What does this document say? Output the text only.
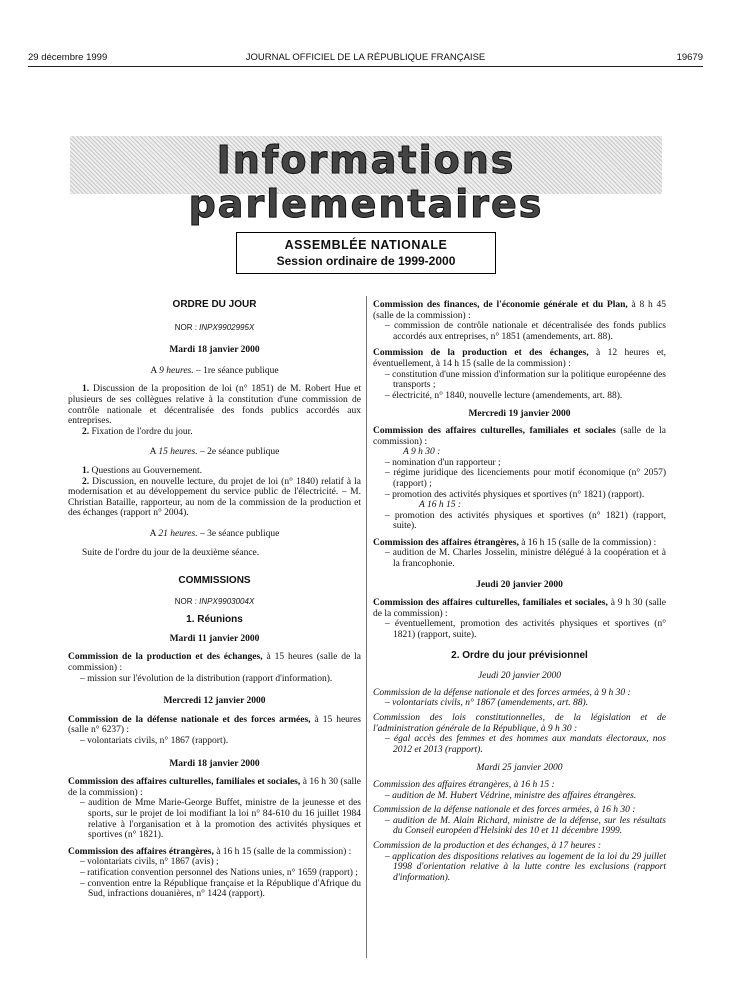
29 décembre 1999	JOURNAL OFFICIEL DE LA RÉPUBLIQUE FRANÇAISE	19679
Informations parlementaires
ASSEMBLÉE NATIONALE
Session ordinaire de 1999-2000
ORDRE DU JOUR
NOR : INPX9902995X
Mardi 18 janvier 2000
A 9 heures. – 1re séance publique
1. Discussion de la proposition de loi (n° 1851) de M. Robert Hue et plusieurs de ses collègues relative à la constitution d'une commission de contrôle nationale et décentralisée des fonds publics accordés aux entreprises.
2. Fixation de l'ordre du jour.
A 15 heures. – 2e séance publique
1. Questions au Gouvernement.
2. Discussion, en nouvelle lecture, du projet de loi (n° 1840) relatif à la modernisation et au développement du service public de l'électricité. – M. Christian Bataille, rapporteur, au nom de la commission de la production et des échanges (rapport n° 2004).
A 21 heures. – 3e séance publique
Suite de l'ordre du jour de la deuxième séance.
COMMISSIONS
NOR : INPX9903004X
1. Réunions
Mardi 11 janvier 2000
Commission de la production et des échanges, à 15 heures (salle de la commission) :
– mission sur l'évolution de la distribution (rapport d'information).
Mercredi 12 janvier 2000
Commission de la défense nationale et des forces armées, à 15 heures (salle n° 6237) :
– volontariats civils, n° 1867 (rapport).
Mardi 18 janvier 2000
Commission des affaires culturelles, familiales et sociales, à 16 h 30 (salle de la commission) :
– audition de Mme Marie-George Buffet, ministre de la jeunesse et des sports, sur le projet de loi modifiant la loi n° 84-610 du 16 juillet 1984 relative à l'organisation et à la promotion des activités physiques et sportives (n° 1821).
Commission des affaires étrangères, à 16 h 15 (salle de la commission) :
– volontariats civils, n° 1867 (avis) ;
– ratification convention personnel des Nations unies, n° 1659 (rapport) ;
– convention entre la République française et la République d'Afrique du Sud, infractions douanières, n° 1424 (rapport).
Commission des finances, de l'économie générale et du Plan, à 8 h 45 (salle de la commission) :
– commission de contrôle nationale et décentralisée des fonds publics accordés aux entreprises, n° 1851 (amendements, art. 88).
Commission de la production et des échanges, à 12 heures et, éventuellement, à 14 h 15 (salle de la commission) :
– constitution d'une mission d'information sur la politique européenne des transports ;
– électricité, n° 1840, nouvelle lecture (amendements, art. 88).
Mercredi 19 janvier 2000
Commission des affaires culturelles, familiales et sociales (salle de la commission) :
A 9 h 30 :
– nomination d'un rapporteur ;
– régime juridique des licenciements pour motif économique (n° 2057) (rapport) ;
– promotion des activités physiques et sportives (n° 1821) (rapport).
A 16 h 15 :
– promotion des activités physiques et sportives (n° 1821) (rapport, suite).
Commission des affaires étrangères, à 16 h 15 (salle de la commission) :
– audition de M. Charles Josselin, ministre délégué à la coopération et à la francophonie.
Jeudi 20 janvier 2000
Commission des affaires culturelles, familiales et sociales, à 9 h 30 (salle de la commission) :
– éventuellement, promotion des activités physiques et sportives (n° 1821) (rapport, suite).
2. Ordre du jour prévisionnel
Jeudi 20 janvier 2000
Commission de la défense nationale et des forces armées, à 9 h 30 :
– volontariats civils, n° 1867 (amendements, art. 88).
Commission des lois constitutionnelles, de la législation et de l'administration générale de la République, à 9 h 30 :
– égal accès des femmes et des hommes aux mandats électoraux, nos 2012 et 2013 (rapport).
Mardi 25 janvier 2000
Commission des affaires étrangères, à 16 h 15 :
– audition de M. Hubert Védrine, ministre des affaires étrangères.
Commission de la défense nationale et des forces armées, à 16 h 30 :
– audition de M. Alain Richard, ministre de la défense, sur les résultats du Conseil européen d'Helsinki des 10 et 11 décembre 1999.
Commission de la production et des échanges, à 17 heures :
– application des dispositions relatives au logement de la loi du 29 juillet 1998 d'orientation relative à la lutte contre les exclusions (rapport d'information).
